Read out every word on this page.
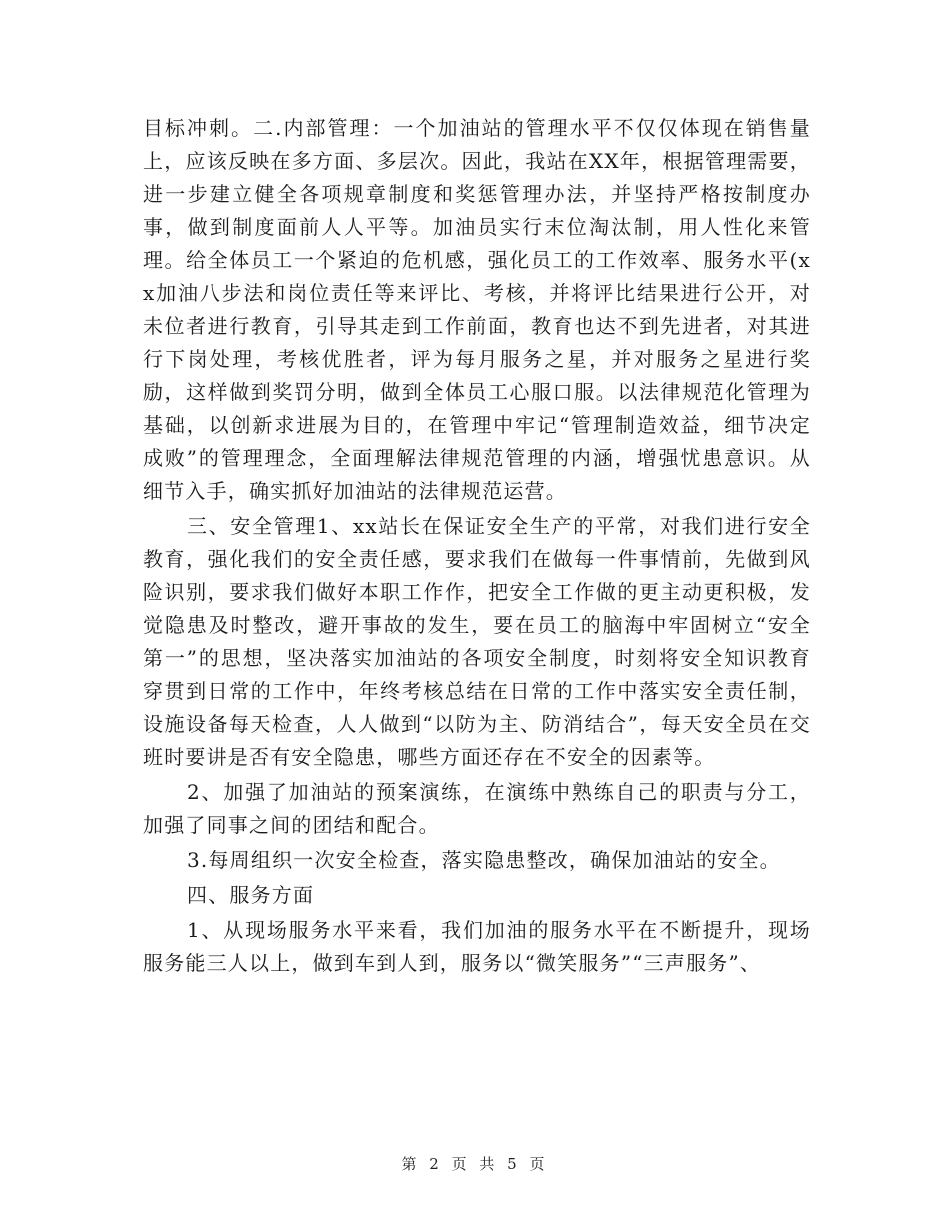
目标冲刺。二.内部管理：一个加油站的管理水平不仅仅体现在销售量上，应该反映在多方面、多层次。因此，我站在XX年，根据管理需要，进一步建立健全各项规章制度和奖惩管理办法，并坚持严格按制度办事，做到制度面前人人平等。加油员实行末位淘汰制，用人性化来管理。给全体员工一个紧迫的危机感，强化员工的工作效率、服务水平(xx加油八步法和岗位责任等来评比、考核，并将评比结果进行公开，对未位者进行教育，引导其走到工作前面，教育也达不到先进者，对其进行下岗处理，考核优胜者，评为每月服务之星，并对服务之星进行奖励，这样做到奖罚分明，做到全体员工心服口服。以法律规范化管理为基础，以创新求进展为目的，在管理中牢记“管理制造效益，细节决定成败”的管理理念，全面理解法律规范管理的内涵，增强忧患意识。从细节入手，确实抓好加油站的法律规范运营。

三、安全管理1、xx站长在保证安全生产的平常，对我们进行安全教育，强化我们的安全责任感，要求我们在做每一件事情前，先做到风险识别，要求我们做好本职工作作，把安全工作做的更主动更积极，发觉隐患及时整改，避开事故的发生，要在员工的脑海中牢固树立“安全第一”的思想，坚决落实加油站的各项安全制度，时刻将安全知识教育穿贯到日常的工作中，年终考核总结在日常的工作中落实安全责任制，设施设备每天检查，人人做到“以防为主、防消结合”，每天安全员在交班时要讲是否有安全隐患，哪些方面还存在不安全的因素等。

2、加强了加油站的预案演练，在演练中熟练自己的职责与分工，加强了同事之间的团结和配合。

3.每周组织一次安全检查，落实隐患整改，确保加油站的安全。

四、服务方面

1、从现场服务水平来看，我们加油的服务水平在不断提升，现场服务能三人以上，做到车到人到，服务以“微笑服务”“三声服务”、

第 2 页 共 5 页
